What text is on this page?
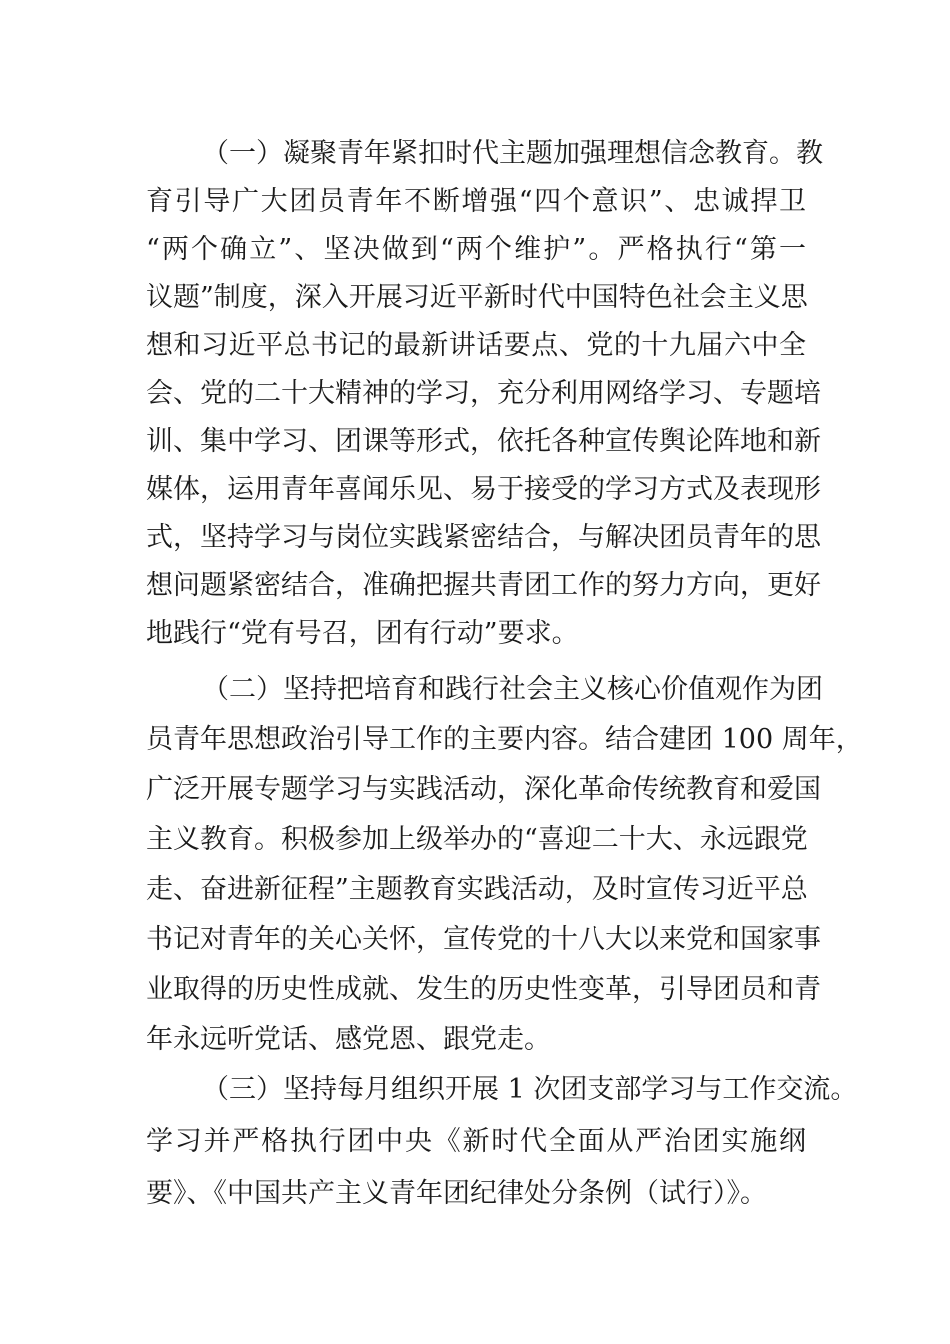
（一）凝聚青年紧扣时代主题加强理想信念教育。教
育引导广大团员青年不断增强“四个意识”、忠诚捍卫
“两个确立”、坚决做到“两个维护”。严格执行“第一
议题”制度，深入开展习近平新时代中国特色社会主义思
想和习近平总书记的最新讲话要点、党的十九届六中全
会、党的二十大精神的学习，充分利用网络学习、专题培
训、集中学习、团课等形式，依托各种宣传舆论阵地和新
媒体，运用青年喜闻乐见、易于接受的学习方式及表现形
式，坚持学习与岗位实践紧密结合，与解决团员青年的思
想问题紧密结合，准确把握共青团工作的努力方向，更好
地践行“党有号召，团有行动”要求。
（二）坚持把培育和践行社会主义核心价值观作为团
员青年思想政治引导工作的主要内容。结合建团 100 周年，
广泛开展专题学习与实践活动，深化革命传统教育和爱国
主义教育。积极参加上级举办的“喜迎二十大、永远跟党
走、奋进新征程”主题教育实践活动，及时宣传习近平总
书记对青年的关心关怀，宣传党的十八大以来党和国家事
业取得的历史性成就、发生的历史性变革，引导团员和青
年永远听党话、感党恩、跟党走。
（三）坚持每月组织开展 1 次团支部学习与工作交流。
学习并严格执行团中央《新时代全面从严治团实施纲
要》、《中国共产主义青年团纪律处分条例（试行）》。
